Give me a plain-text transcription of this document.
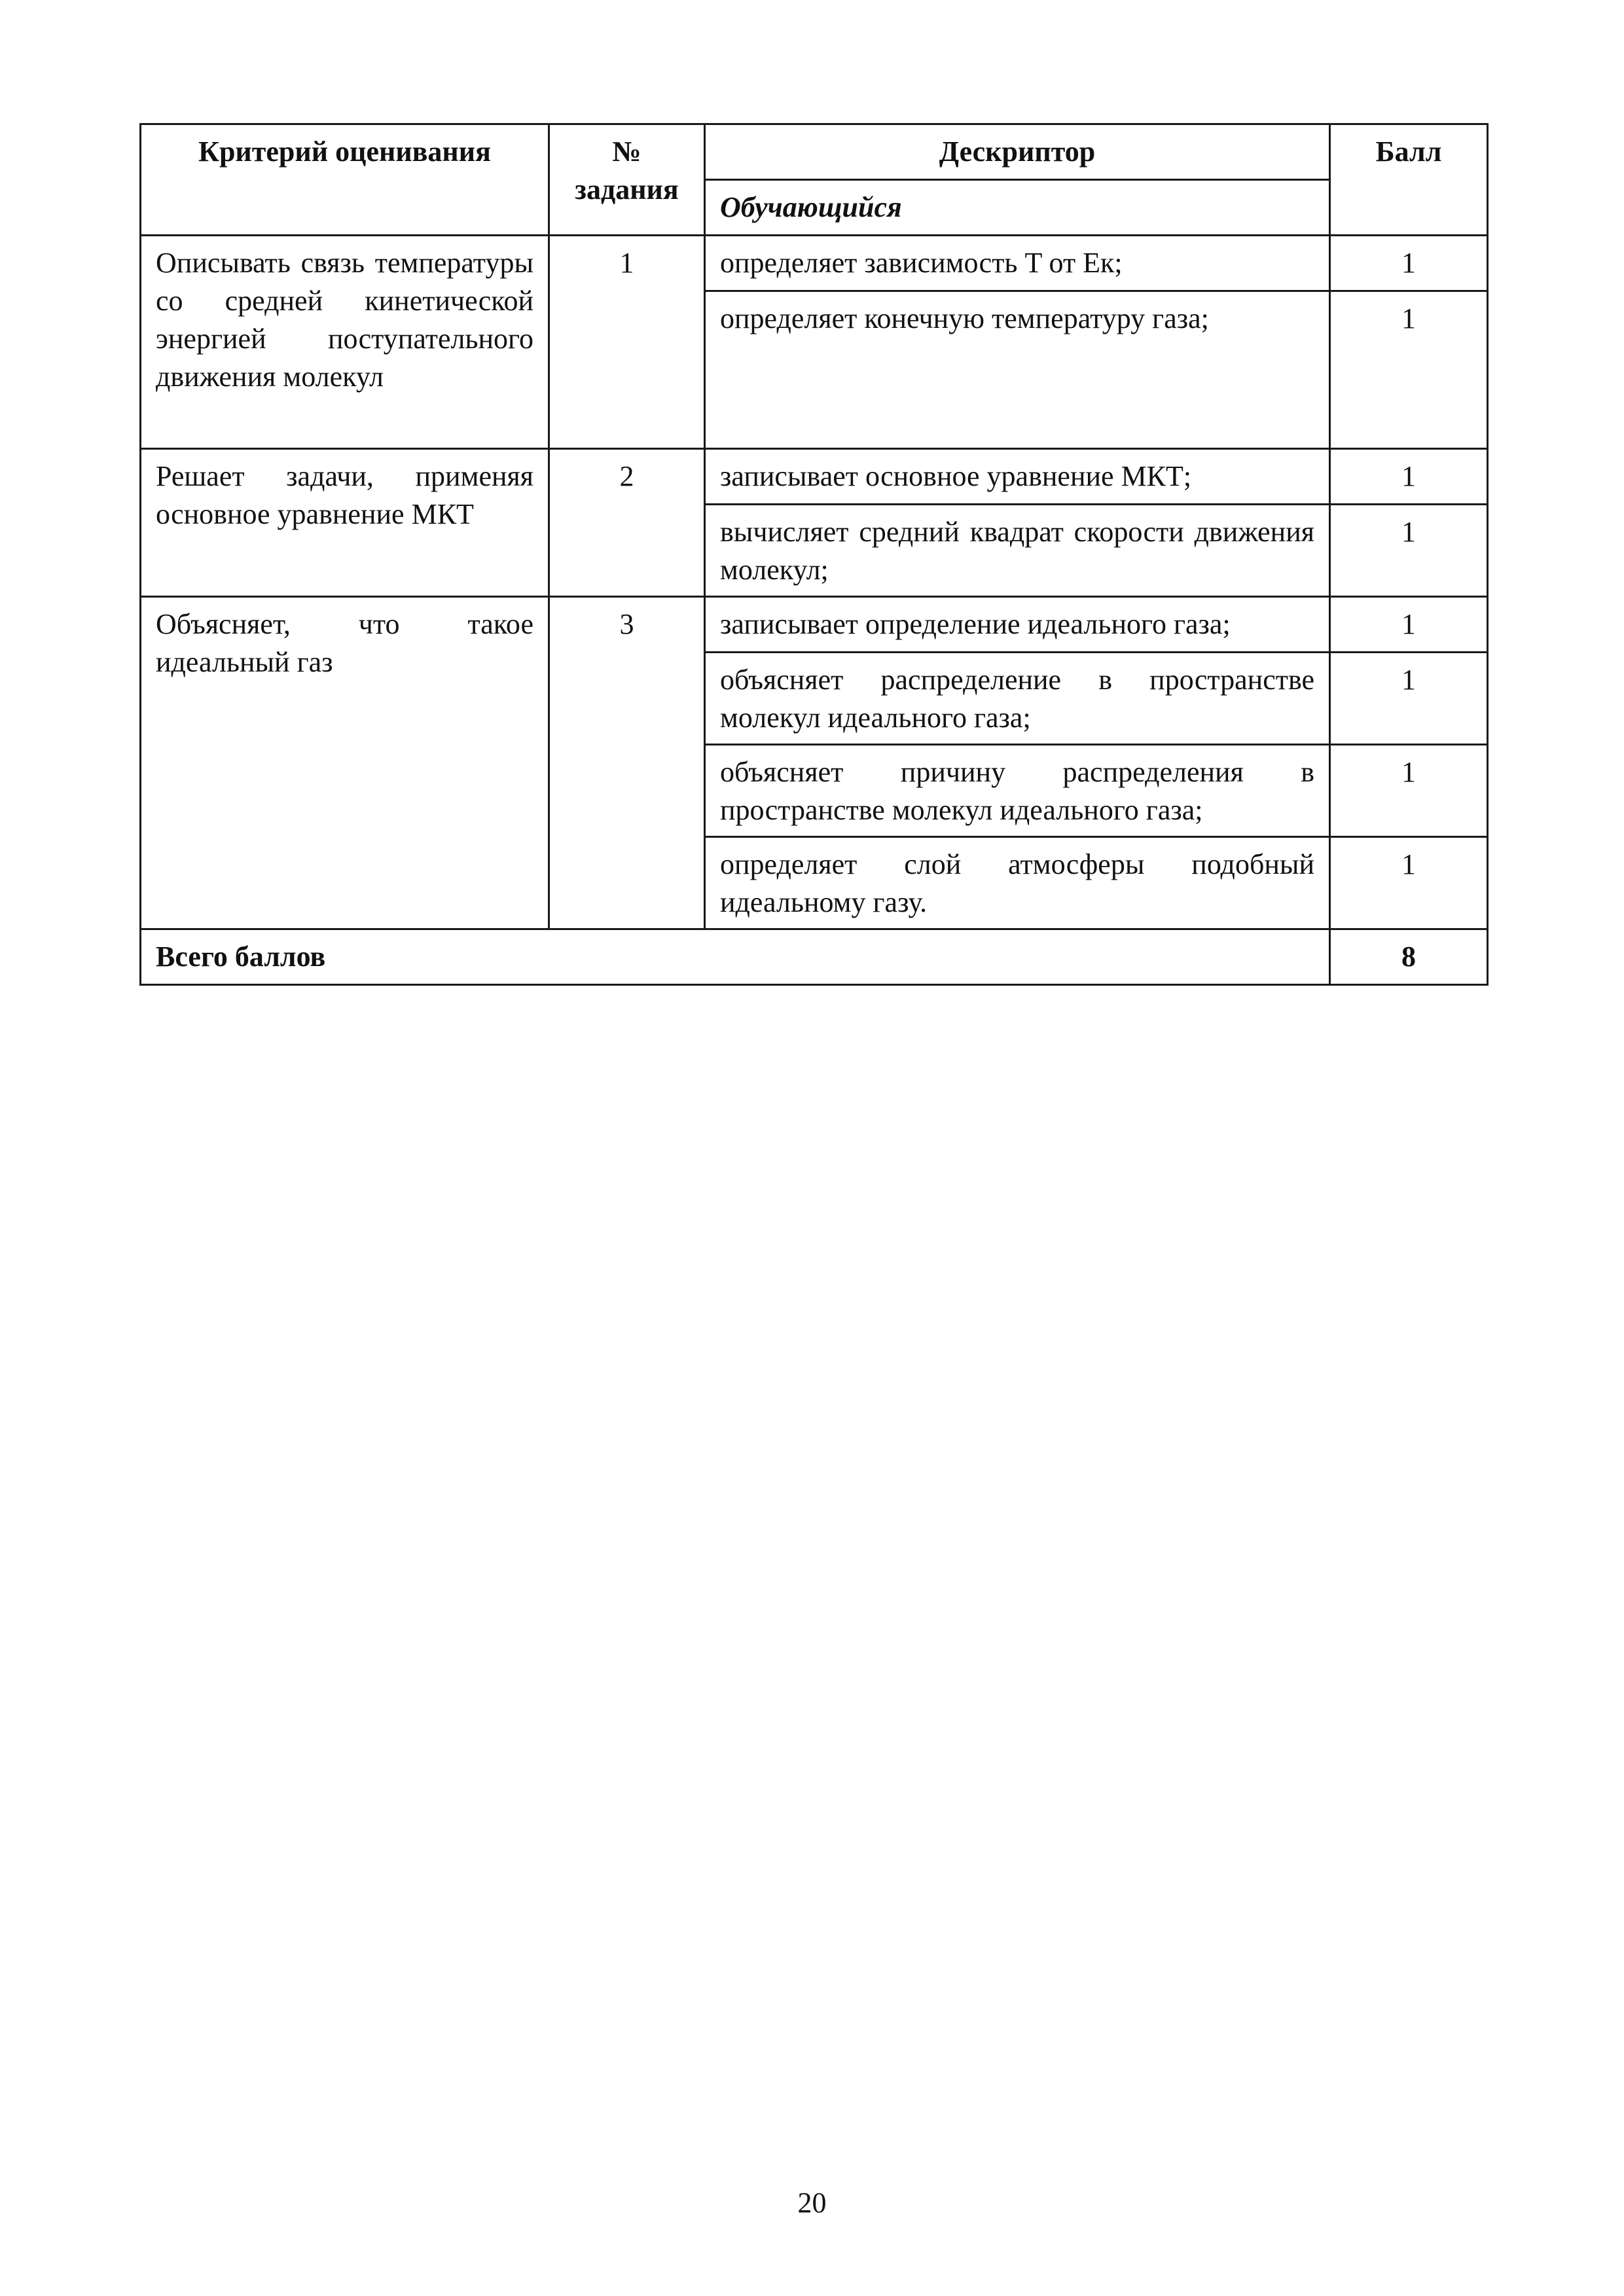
Критерий оценивания	№ задания	Дескриптор	Балл
		Обучающийся	
Описывать связь температуры со средней кинетической энергией поступательного движения молекул	1	определяет зависимость T от Eк;	1
		определяет конечную температуру газа;	1
Решает задачи, применяя основное уравнение МКТ	2	записывает основное уравнение МКТ;	1
		вычисляет средний квадрат скорости движения молекул;	1
Объясняет, что такое идеальный газ	3	записывает определение идеального газа;	1
		объясняет распределение в пространстве молекул идеального газа;	1
		объясняет причину распределения в пространстве молекул идеального газа;	1
		определяет слой атмосферы подобный идеальному газу.	1
Всего баллов			8
20
